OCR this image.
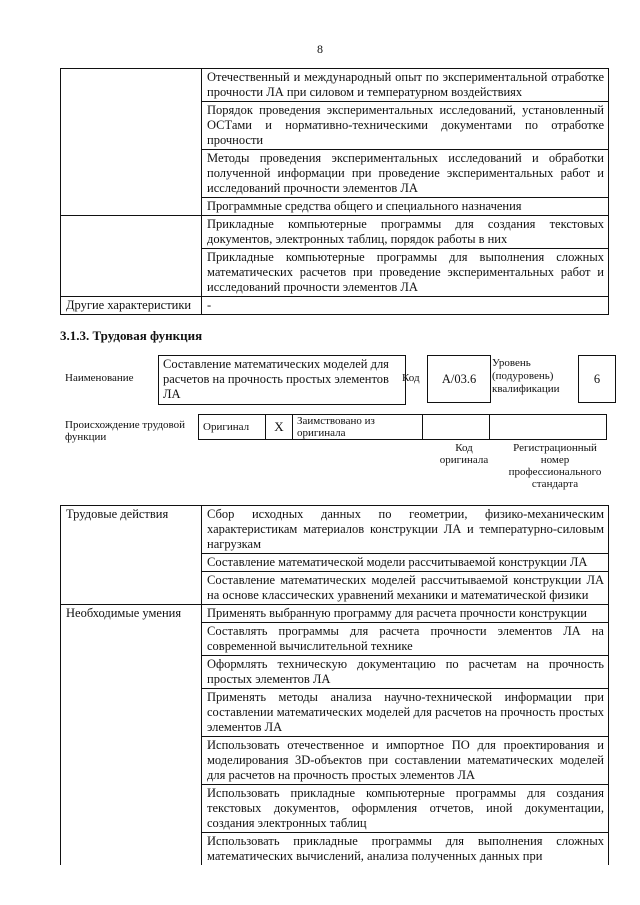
8
	Отечественный и международный опыт по экспериментальной отработке прочности ЛА при силовом и температурном воздействиях
	Порядок проведения экспериментальных исследований, установленный ОСТами и нормативно-техническими документами по отработке прочности
	Методы проведения экспериментальных исследований и обработки полученной информации при проведение экспериментальных работ и исследований прочности элементов ЛА
	Программные средства общего и специального назначения
	Прикладные компьютерные программы для создания текстовых документов, электронных таблиц, порядок работы в них
	Прикладные компьютерные программы для выполнения сложных математических расчетов при проведение экспериментальных работ и исследований прочности элементов ЛА
Другие характеристики	-
3.1.3. Трудовая функция
Наименование
Составление математических моделей для расчетов на прочность простых элементов ЛА
Код	A/03.6
Уровень (подуровень) квалификации
6
Происхождение трудовой функции
Оригинал	X	Заимствовано из оригинала		
Код оригинала
Регистрационный номер профессионального стандарта
Трудовые действия	Сбор исходных данных по геометрии, физико-механическим характеристикам материалов конструкции ЛА и температурно-силовым нагрузкам
	Составление математической модели рассчитываемой конструкции ЛА
	Составление математических моделей рассчитываемой конструкции ЛА на основе классических уравнений механики и математической физики
Необходимые умения	Применять выбранную программу для расчета прочности конструкции
	Составлять программы для расчета прочности элементов ЛА на современной вычислительной технике
	Оформлять техническую документацию по расчетам на прочность простых элементов ЛА
	Применять методы анализа научно-технической информации при составлении математических моделей для расчетов на прочность простых элементов ЛА
	Использовать отечественное и импортное ПО для проектирования и моделирования 3D-объектов при составлении математических моделей для расчетов на прочность простых элементов ЛА
	Использовать прикладные компьютерные программы для создания текстовых документов, оформления отчетов, иной документации, создания электронных таблиц
	Использовать прикладные программы для выполнения сложных математических вычислений, анализа полученных данных при
